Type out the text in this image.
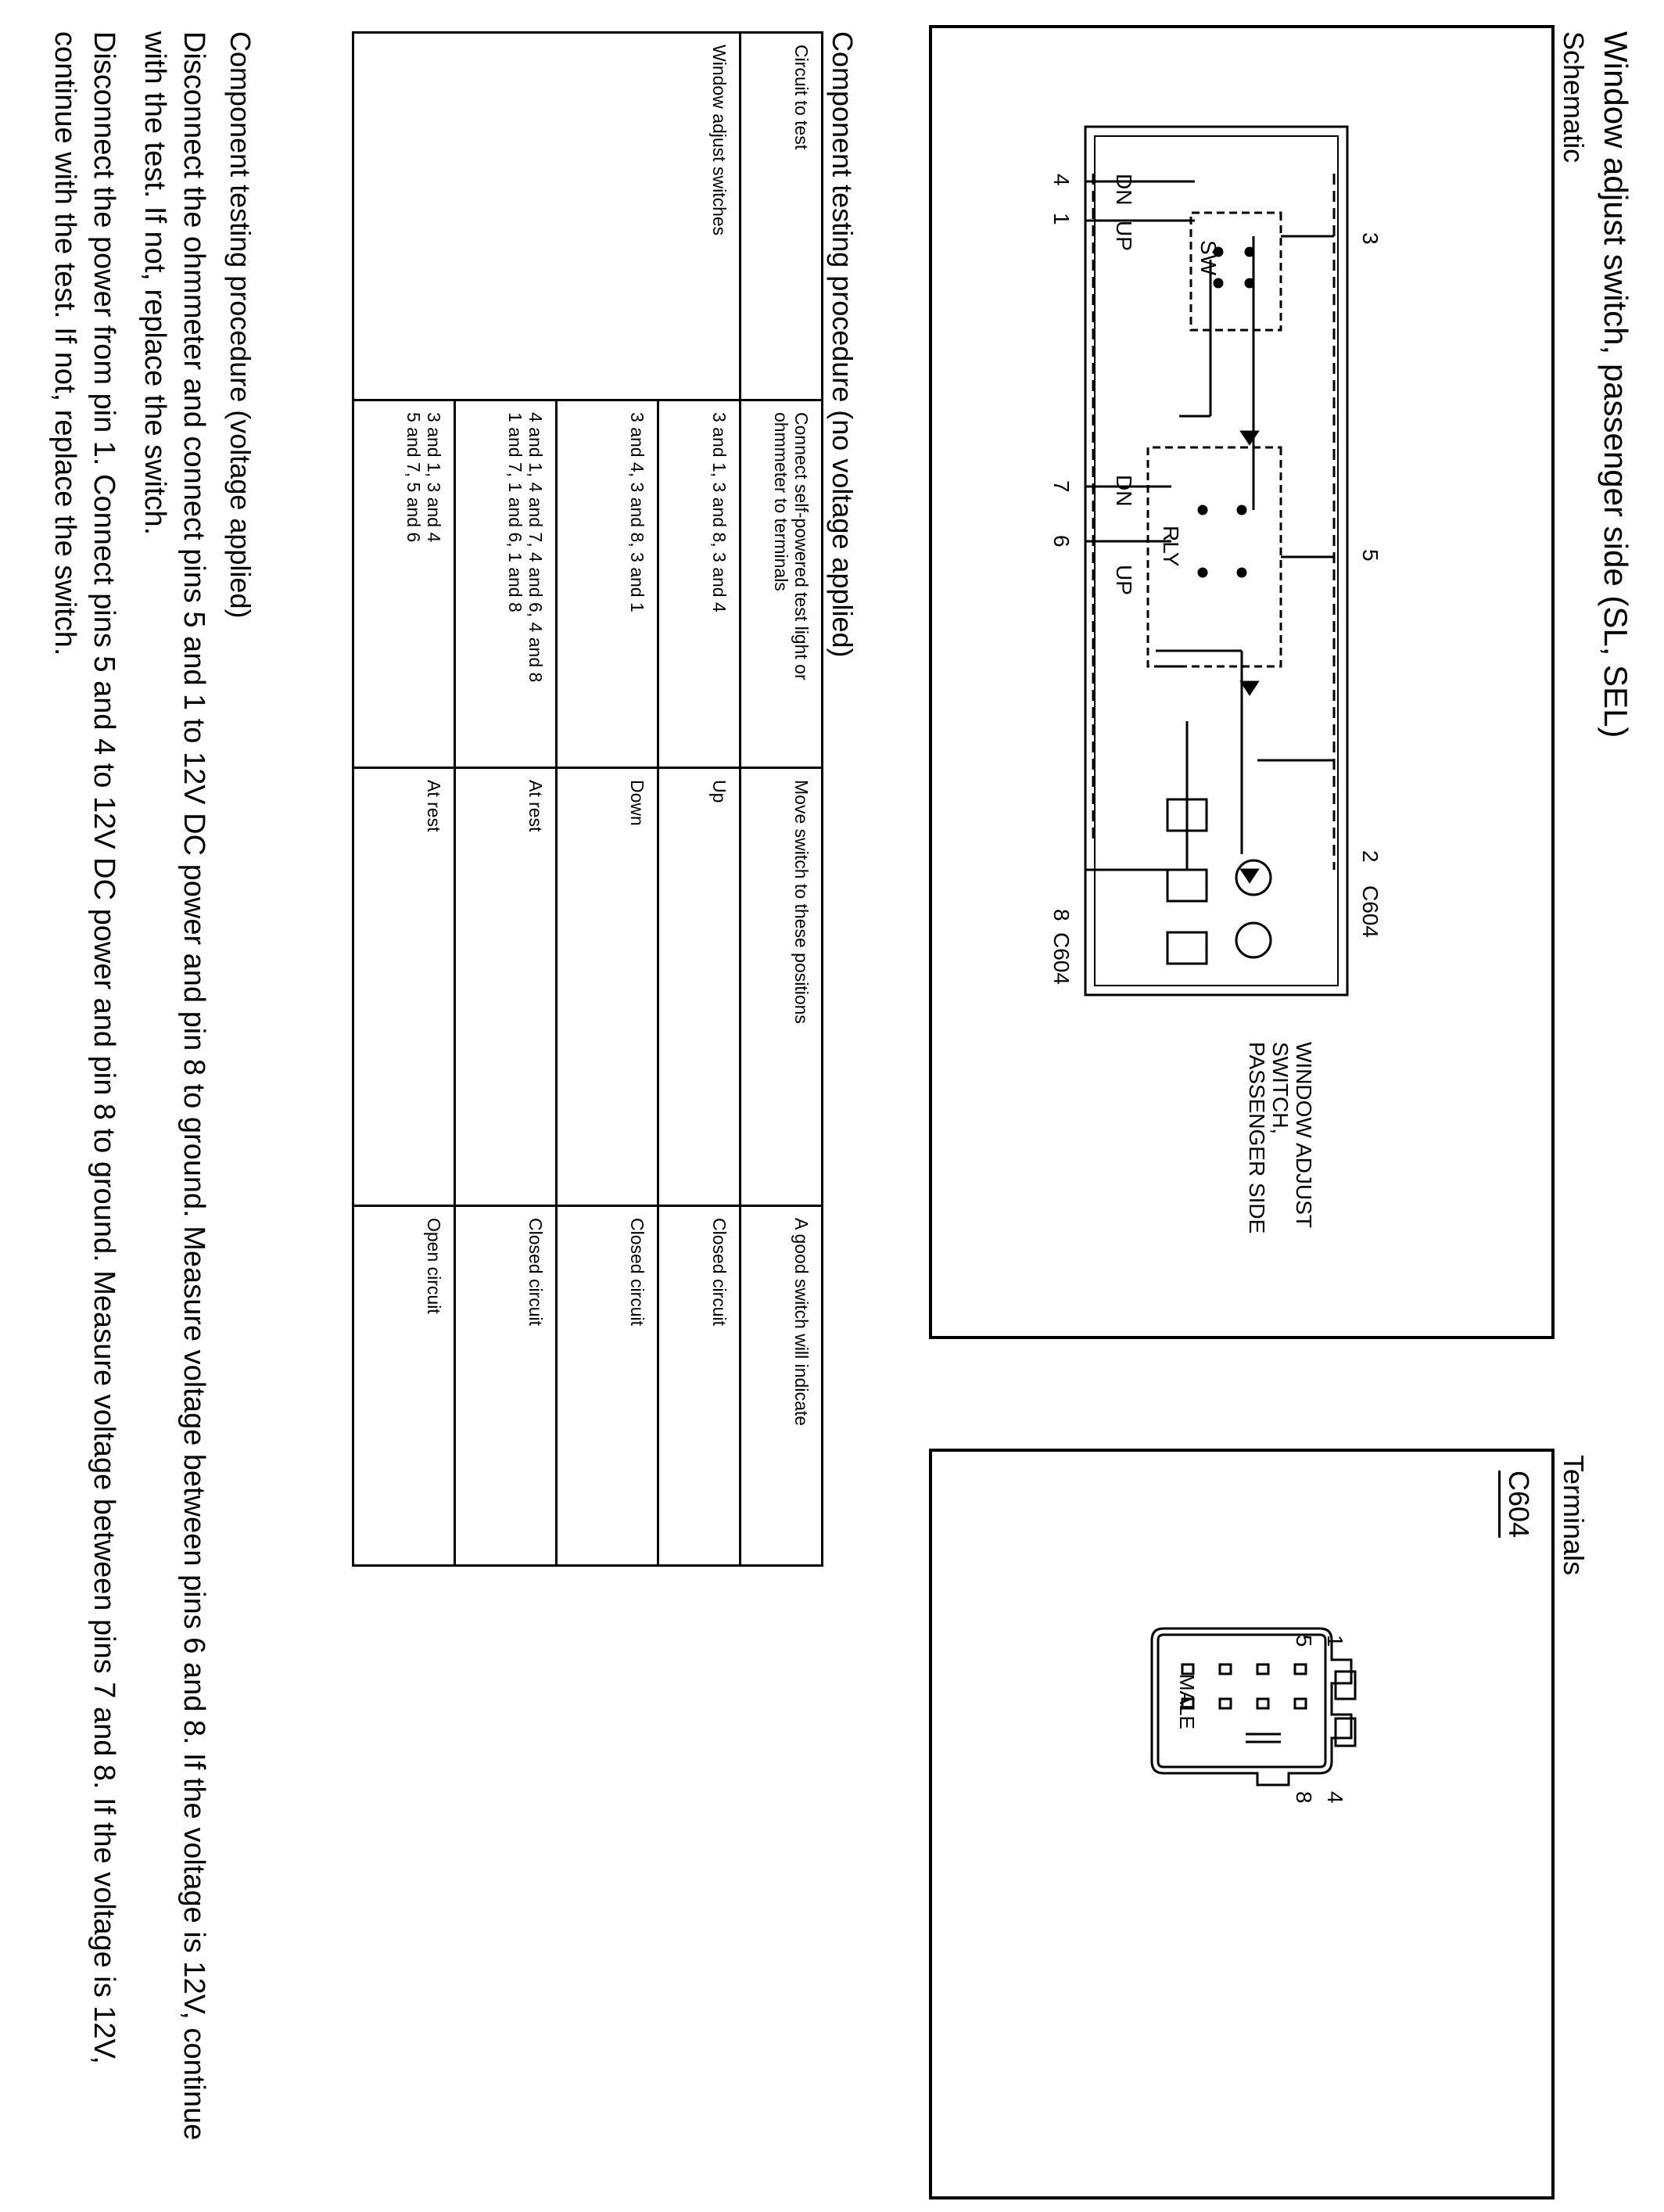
Window adjust switch, passenger side (SL, SEL)
Schematic
SW
RLY
DN
UP
DN
UP
3
5
2
C604
4
1
7
6
8
C604
WINDOW ADJUST
SWITCH,
PASSENGER SIDE
Terminals
C604
1
5
4
8
MALE
Component testing procedure (no voltage applied)
Circuit to test	Connect self-powered test light or ohmmeter to terminals	Move switch to these positions	A good switch will indicate
Window adjust switches	3 and 1, 3 and 8, 3 and 4	Up	Closed circuit
	3 and 4, 3 and 8, 3 and 1	Down	Closed circuit
	4 and 1, 4 and 7, 4 and 6, 4 and 8
1 and 7, 1 and 6, 1 and 8	At rest	Closed circuit
	3 and 1, 3 and 4
5 and 7, 5 and 6	At rest	Open circuit
Component testing procedure (voltage applied)
Disconnect the ohmmeter and connect pins 5 and 1 to 12V DC power and pin 8 to ground. Measure voltage between pins 6 and 8. If the voltage is 12V, continue with the test. If not, replace the switch.
Disconnect the power from pin 1. Connect pins 5 and 4 to 12V DC power and pin 8 to ground. Measure voltage between pins 7 and 8. If the voltage is 12V, continue with the test. If not, replace the switch.
